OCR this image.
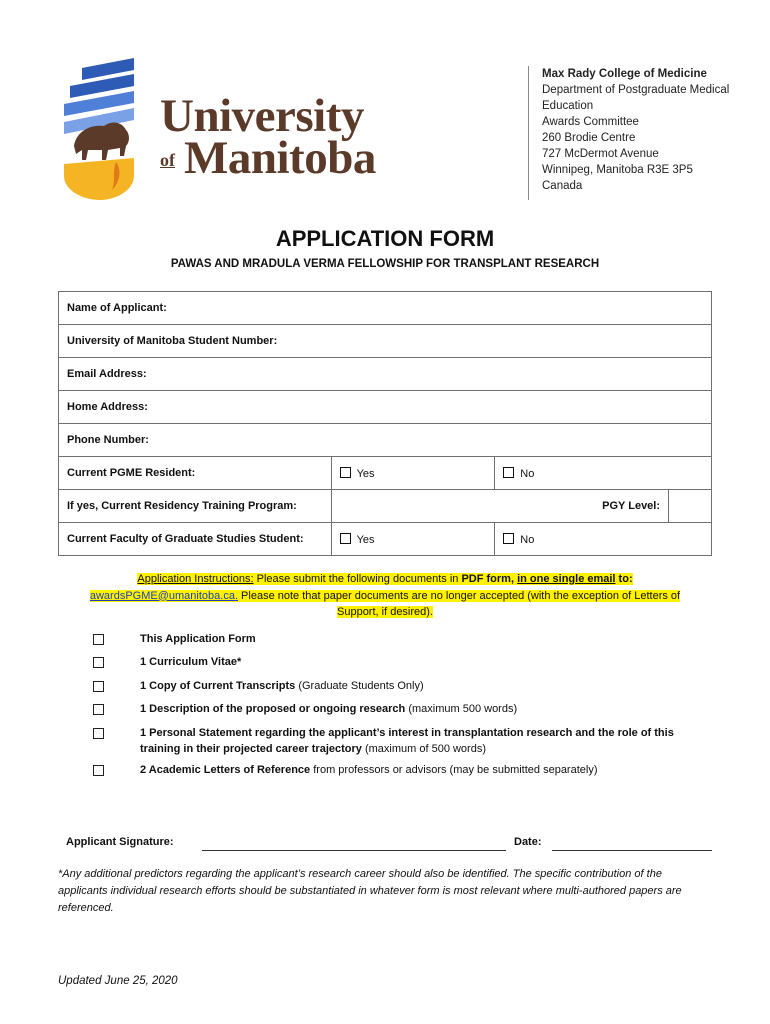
University
of Manitoba
Max Rady College of Medicine
Department of Postgraduate Medical
Education
Awards Committee
260 Brodie Centre
727 McDermot Avenue
Winnipeg, Manitoba R3E 3P5
Canada
APPLICATION FORM
PAWAS AND MRADULA VERMA FELLOWSHIP FOR TRANSPLANT RESEARCH
Name of Applicant:				
University of Manitoba Student Number:				
Email Address:				
Home Address:				
Phone Number:				
Current PGME Resident:	Yes	No		
If yes, Current Residency Training Program:			PGY Level:	
Current Faculty of Graduate Studies Student:	Yes	No		
Application Instructions: Please submit the following documents in PDF form, in one single email to:
awardsPGME@umanitoba.ca. Please note that paper documents are no longer accepted (with the exception of Letters of Support, if desired).
This Application Form
1 Curriculum Vitae*
1 Copy of Current Transcripts (Graduate Students Only)
1 Description of the proposed or ongoing research (maximum 500 words)
1 Personal Statement regarding the applicant’s interest in transplantation research and the role of this training in their projected career trajectory (maximum of 500 words)
2 Academic Letters of Reference from professors or advisors (may be submitted separately)
Applicant Signature:	Date:
*Any additional predictors regarding the applicant’s research career should also be identified. The specific contribution of the applicants individual research efforts should be substantiated in whatever form is most relevant where multi-authored papers are referenced.
Updated June 25, 2020
